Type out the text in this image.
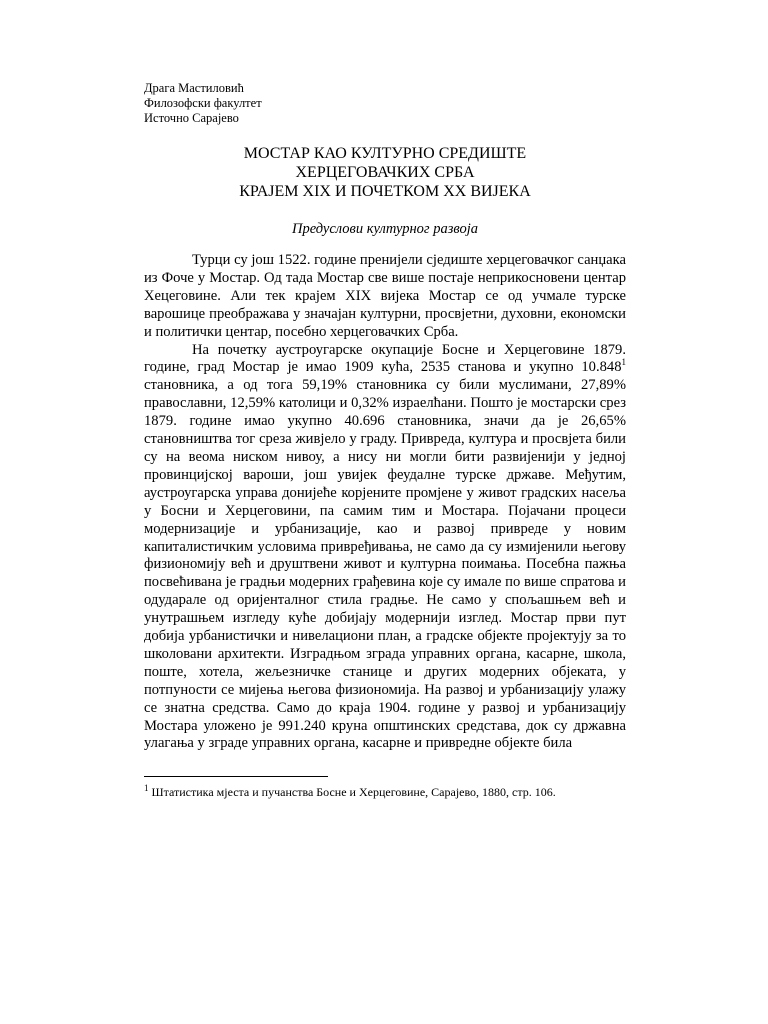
Драга Мастиловић
Филозофски факултет
Источно Сарајево
МОСТАР КАО КУЛТУРНО СРЕДИШТЕ
ХЕРЦЕГОВАЧКИХ СРБА
КРАЈЕМ XIX И ПОЧЕТКОМ XX ВИЈЕКА
Предуслови културног развоја

Турци су још 1522. године пренијели сједиште херцеговачког санџака из Фоче у Мостар. Од тада Мостар све више постаје неприкосновени центар Хецеговине. Али тек крајем XIX вијека Мостар се од учмале турске варошице преображава у значајан културни, просвјетни, духовни, економски и политички центар, посебно херцеговачких Срба.

На почетку аустроугарске окупације Босне и Херцеговине 1879. године, град Мостар је имао 1909 кућа, 2535 станова и укупно 10.848$^1$ становника, а од тога 59,19% становника су били муслимани, 27,89% православни, 12,59% католици и 0,32% израелћани. Пошто је мостарски срез 1879. године имао укупно 40.696 становника, значи да је 26,65% становништва тог среза живјело у граду. Привреда, култура и просвјета били су на веома ниском нивоу, а нису ни могли бити развијенији у једној провинцијској вароши, још увијек феудалне турске државе. Међутим, аустроугарска управа донијеће корјените промјене у живот градских насеља у Босни и Херцеговини, па самим тим и Мостара. Појачани процеси модернизације и урбанизације, као и развој привреде у новим капиталистичким условима привређивања, не само да су измијенили његову физиономију већ и друштвени живот и културна поимања. Посебна пажња посвећивана је градњи модерних грађевина које су имале по више спратова и одударале од оријенталног стила градње. Не само у спољашњем већ и унутрашњем изгледу куће добијају модернији изглед. Мостар први пут добија урбанистички и нивелациони план, а градске објекте пројектују за то школовани архитекти. Изградњом зграда управних органа, касарне, школа, поште, хотела, жељезничке станице и других модерних објеката, у потпуности се мијења његова физиономија. На развој и урбанизацију улажу се знатна средства. Само до краја 1904. године у развој и урбанизацију Мостара уложено је 991.240 круна општинских средстава, док су државна улагања у зграде управних органа, касарне и привредне објекте била

$^1$ Штатистика мјеста и пучанства Босне и Херцеговине, Сарајево, 1880, стр. 106.
